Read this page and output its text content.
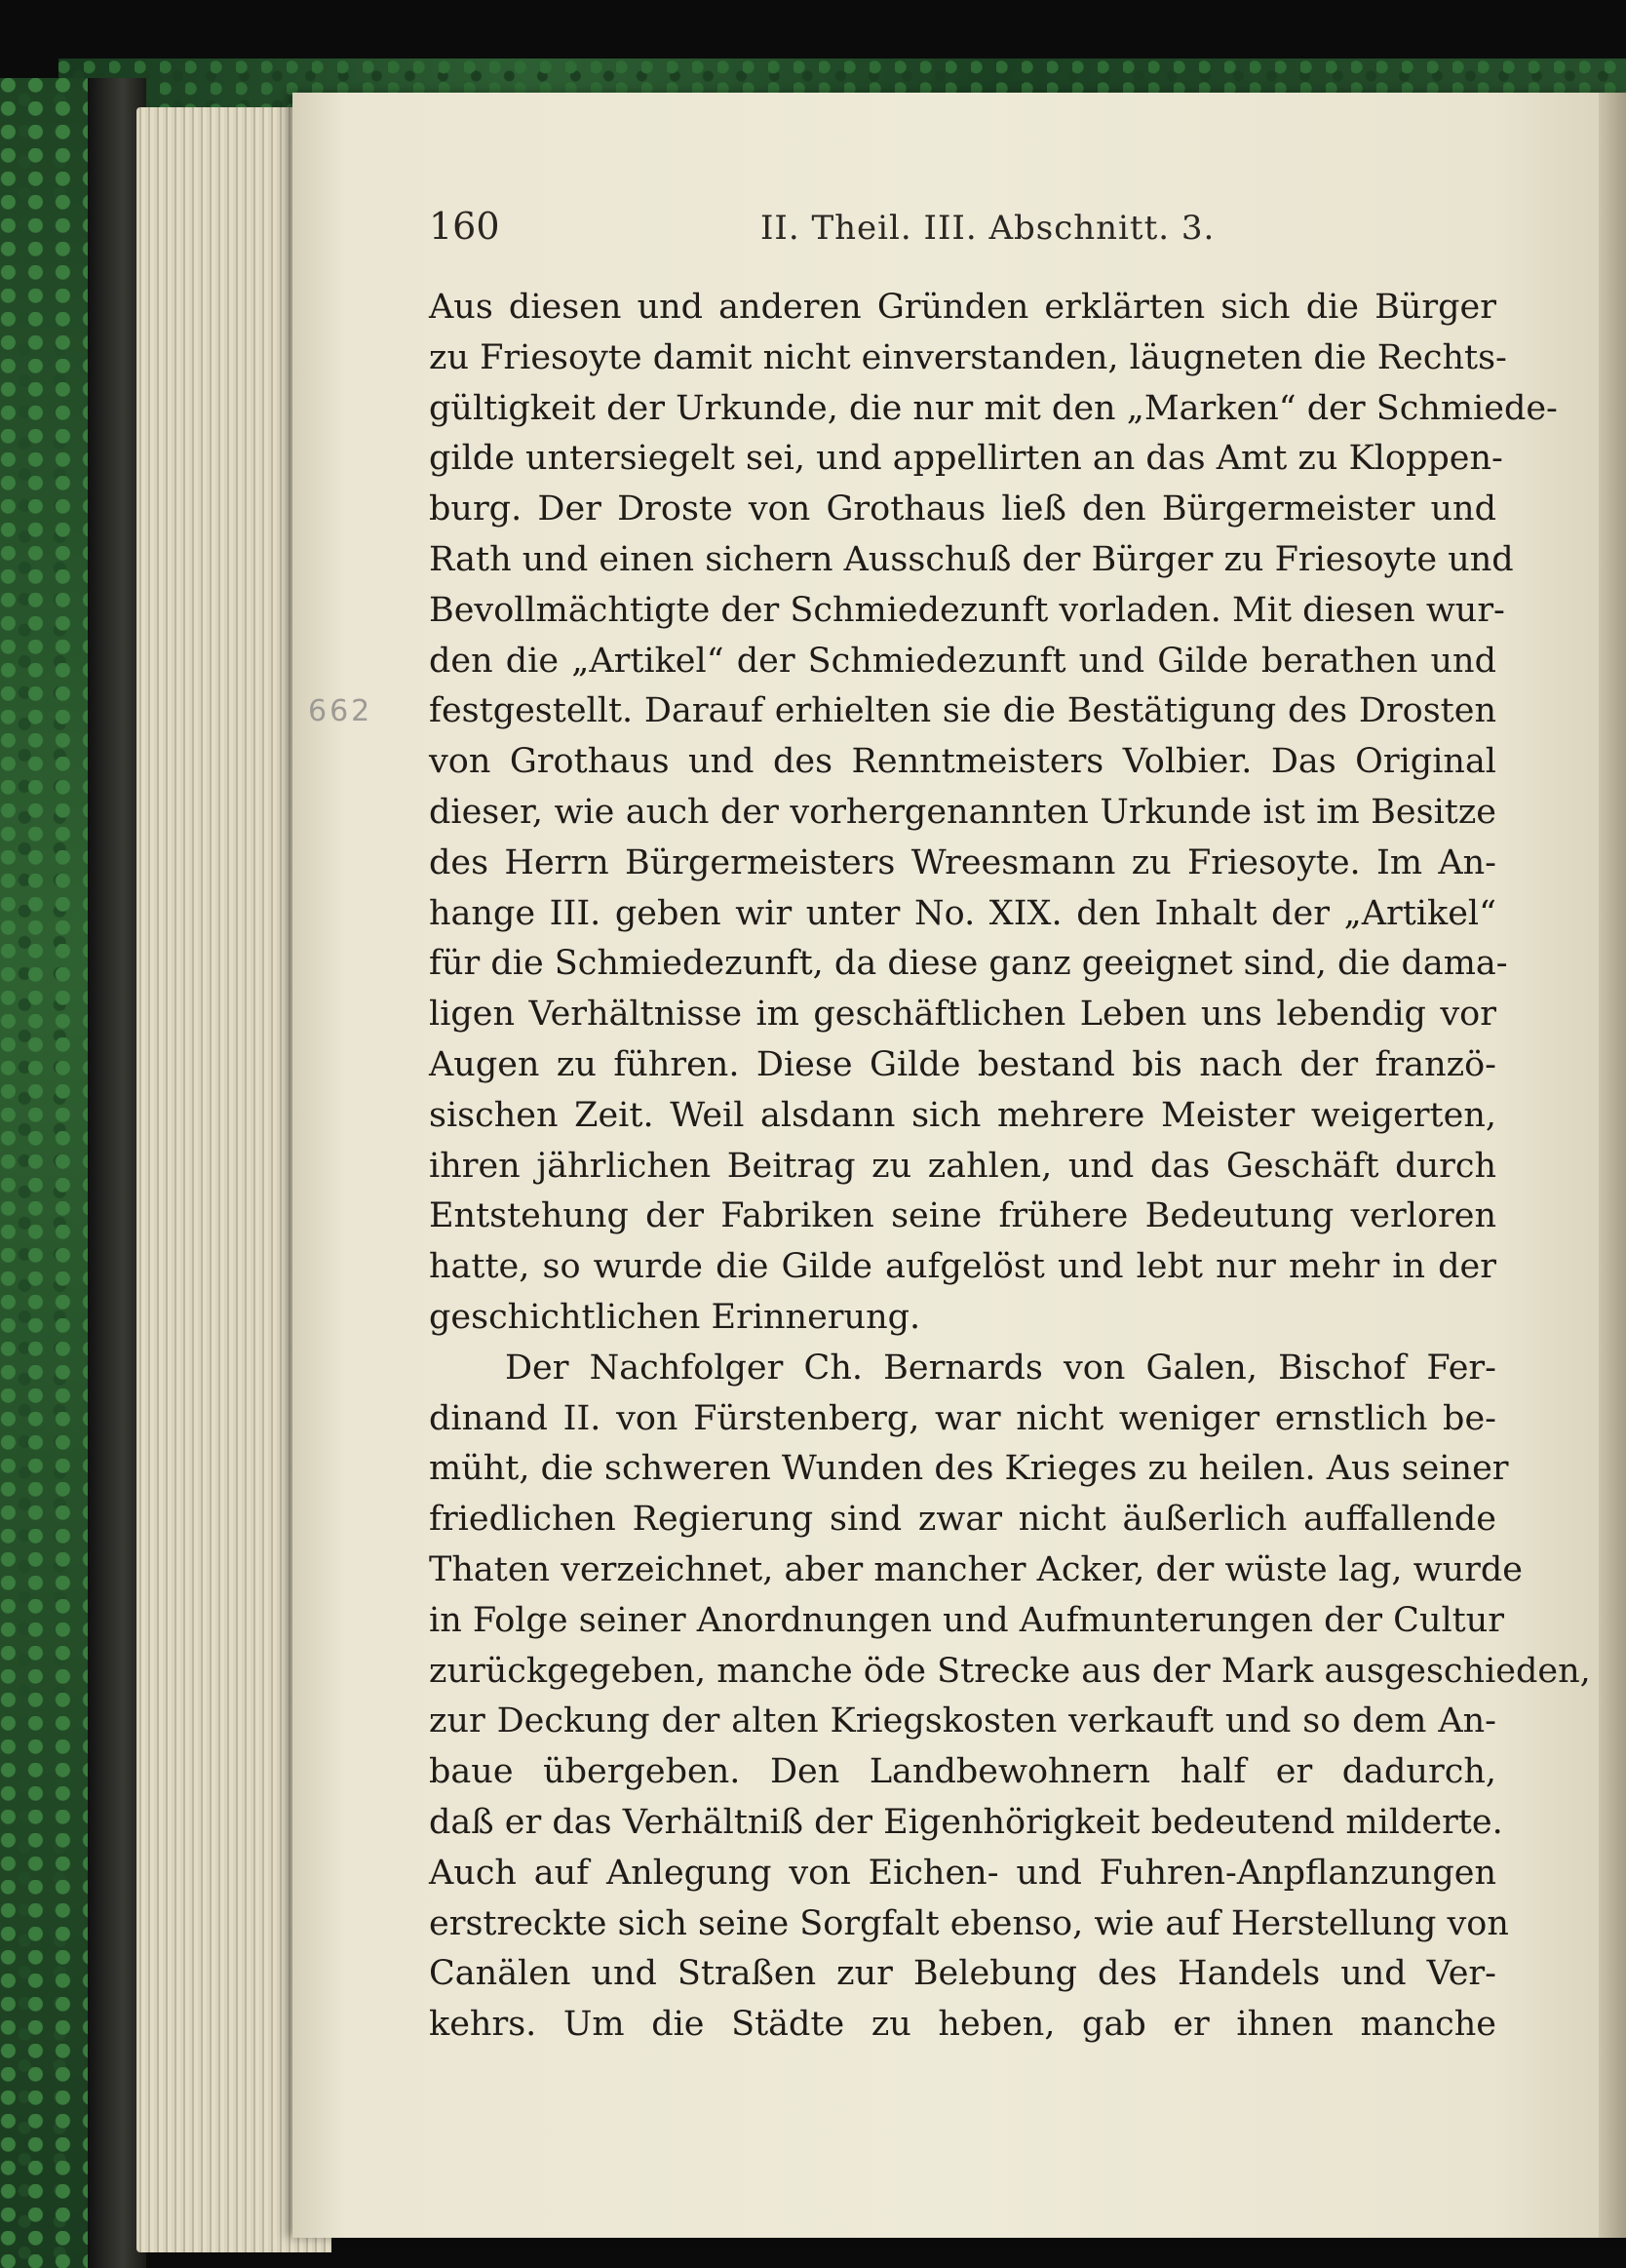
160	II. Theil. III. Abschnitt. 3.
662
Aus diesen und anderen Gründen erklärten sich die Bürger
zu Friesoyte damit nicht einverstanden, läugneten die Rechts-
gültigkeit der Urkunde, die nur mit den „Marken“ der Schmiede-
gilde untersiegelt sei, und appellirten an das Amt zu Kloppen-
burg. Der Droste von Grothaus ließ den Bürgermeister und
Rath und einen sichern Ausschuß der Bürger zu Friesoyte und
Bevollmächtigte der Schmiedezunft vorladen. Mit diesen wur-
den die „Artikel“ der Schmiedezunft und Gilde berathen und
festgestellt. Darauf erhielten sie die Bestätigung des Drosten
von Grothaus und des Renntmeisters Volbier. Das Original
dieser, wie auch der vorhergenannten Urkunde ist im Besitze
des Herrn Bürgermeisters Wreesmann zu Friesoyte. Im An-
hange III. geben wir unter No. XIX. den Inhalt der „Artikel“
für die Schmiedezunft, da diese ganz geeignet sind, die dama-
ligen Verhältnisse im geschäftlichen Leben uns lebendig vor
Augen zu führen. Diese Gilde bestand bis nach der franzö-
sischen Zeit. Weil alsdann sich mehrere Meister weigerten,
ihren jährlichen Beitrag zu zahlen, und das Geschäft durch
Entstehung der Fabriken seine frühere Bedeutung verloren
hatte, so wurde die Gilde aufgelöst und lebt nur mehr in der
geschichtlichen Erinnerung.
Der Nachfolger Ch. Bernards von Galen, Bischof Fer-
dinand II. von Fürstenberg, war nicht weniger ernstlich be-
müht, die schweren Wunden des Krieges zu heilen. Aus seiner
friedlichen Regierung sind zwar nicht äußerlich auffallende
Thaten verzeichnet, aber mancher Acker, der wüste lag, wurde
in Folge seiner Anordnungen und Aufmunterungen der Cultur
zurückgegeben, manche öde Strecke aus der Mark ausgeschieden,
zur Deckung der alten Kriegskosten verkauft und so dem An-
baue übergeben. Den Landbewohnern half er dadurch,
daß er das Verhältniß der Eigenhörigkeit bedeutend milderte.
Auch auf Anlegung von Eichen- und Fuhren-Anpflanzungen
erstreckte sich seine Sorgfalt ebenso, wie auf Herstellung von
Canälen und Straßen zur Belebung des Handels und Ver-
kehrs. Um die Städte zu heben, gab er ihnen manche
